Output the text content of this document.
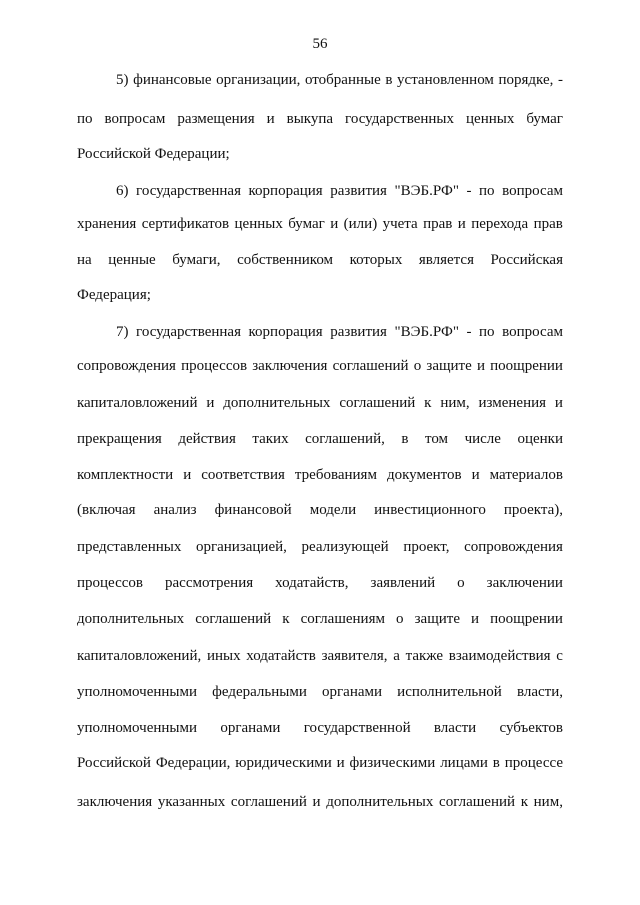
56
5) финансовые организации, отобранные в установленном порядке, -
по вопросам размещения и выкупа государственных ценных бумаг
Российской Федерации;
6) государственная корпорация развития "ВЭБ.РФ" - по вопросам
хранения сертификатов ценных бумаг и (или) учета прав и перехода прав
на ценные бумаги, собственником которых является Российская
Федерация;
7) государственная корпорация развития "ВЭБ.РФ" - по вопросам
сопровождения процессов заключения соглашений о защите и поощрении
капиталовложений и дополнительных соглашений к ним, изменения и
прекращения действия таких соглашений, в том числе оценки
комплектности и соответствия требованиям документов и материалов
(включая анализ финансовой модели инвестиционного проекта),
представленных организацией, реализующей проект, сопровождения
процессов рассмотрения ходатайств, заявлений о заключении
дополнительных соглашений к соглашениям о защите и поощрении
капиталовложений, иных ходатайств заявителя, а также взаимодействия с
уполномоченными федеральными органами исполнительной власти,
уполномоченными органами государственной власти субъектов
Российской Федерации, юридическими и физическими лицами в процессе
заключения указанных соглашений и дополнительных соглашений к ним,
